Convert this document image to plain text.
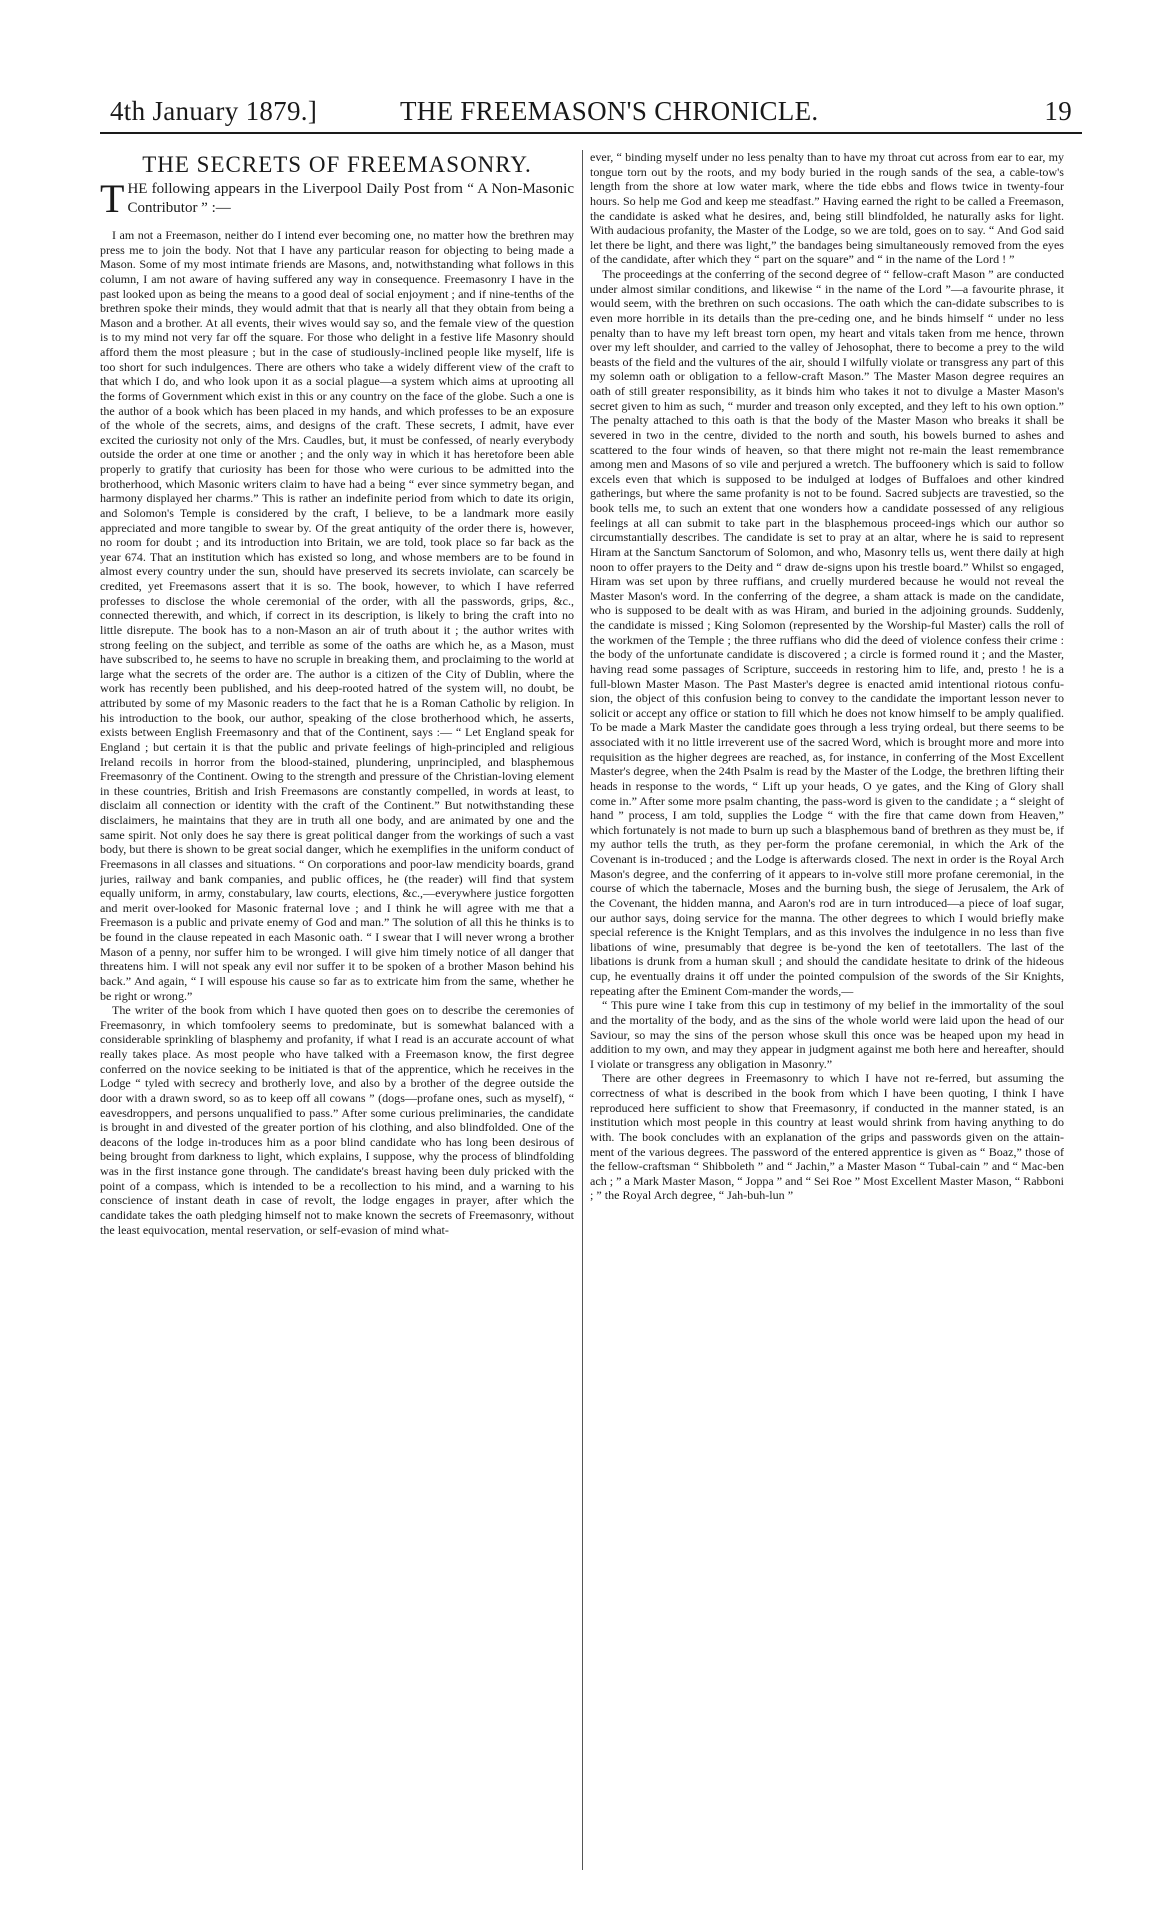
4th January 1879.]	THE FREEMASON'S CHRONICLE.	19

THE SECRETS OF FREEMASONRY.

THE following appears in the Liverpool Daily Post from “ A Non-Masonic Contributor ” :—

I am not a Freemason, neither do I intend ever becoming one, no matter how the brethren may press me to join the body. Not that I have any particular reason for objecting to being made a Mason. Some of my most intimate friends are Masons, and, notwithstanding what follows in this column, I am not aware of having suffered any way in consequence. Freemasonry I have in the past looked upon as being the means to a good deal of social enjoyment ; and if nine-tenths of the brethren spoke their minds, they would admit that that is nearly all that they obtain from being a Mason and a brother. At all events, their wives would say so, and the female view of the question is to my mind not very far off the square. For those who delight in a festive life Masonry should afford them the most pleasure ; but in the case of studiously-inclined people like myself, life is too short for such indulgences. There are others who take a widely different view of the craft to that which I do, and who look upon it as a social plague—a system which aims at uprooting all the forms of Government which exist in this or any country on the face of the globe. Such a one is the author of a book which has been placed in my hands, and which professes to be an exposure of the whole of the secrets, aims, and designs of the craft. These secrets, I admit, have ever excited the curiosity not only of the Mrs. Caudles, but, it must be confessed, of nearly everybody outside the order at one time or another ; and the only way in which it has heretofore been able properly to gratify that curiosity has been for those who were curious to be admitted into the brotherhood, which Masonic writers claim to have had a being “ ever since symmetry began, and harmony displayed her charms.” This is rather an indefinite period from which to date its origin, and Solomon's Temple is considered by the craft, I believe, to be a landmark more easily appreciated and more tangible to swear by. Of the great antiquity of the order there is, however, no room for doubt ; and its introduction into Britain, we are told, took place so far back as the year 674. That an institution which has existed so long, and whose members are to be found in almost every country under the sun, should have preserved its secrets inviolate, can scarcely be credited, yet Freemasons assert that it is so. The book, however, to which I have referred professes to disclose the whole ceremonial of the order, with all the passwords, grips, &c., connected therewith, and which, if correct in its description, is likely to bring the craft into no little disrepute. The book has to a non-Mason an air of truth about it ; the author writes with strong feeling on the subject, and terrible as some of the oaths are which he, as a Mason, must have subscribed to, he seems to have no scruple in breaking them, and proclaiming to the world at large what the secrets of the order are. The author is a citizen of the City of Dublin, where the work has recently been published, and his deep-rooted hatred of the system will, no doubt, be attributed by some of my Masonic readers to the fact that he is a Roman Catholic by religion. In his introduction to the book, our author, speaking of the close brotherhood which, he asserts, exists between English Freemasonry and that of the Continent, says :— “ Let England speak for England ; but certain it is that the public and private feelings of high-principled and religious Ireland recoils in horror from the blood-stained, plundering, unprincipled, and blasphemous Freemasonry of the Continent. Owing to the strength and pressure of the Christian-loving element in these countries, British and Irish Freemasons are constantly compelled, in words at least, to disclaim all connection or identity with the craft of the Continent.” But notwithstanding these disclaimers, he maintains that they are in truth all one body, and are animated by one and the same spirit. Not only does he say there is great political danger from the workings of such a vast body, but there is shown to be great social danger, which he exemplifies in the uniform conduct of Freemasons in all classes and situations. “ On corporations and poor-law mendicity boards, grand juries, railway and bank companies, and public offices, he (the reader) will find that system equally uniform, in army, constabulary, law courts, elections, &c.,—everywhere justice forgotten and merit over-looked for Masonic fraternal love ; and I think he will agree with me that a Freemason is a public and private enemy of God and man.” The solution of all this he thinks is to be found in the clause repeated in each Masonic oath. “ I swear that I will never wrong a brother Mason of a penny, nor suffer him to be wronged. I will give him timely notice of all danger that threatens him. I will not speak any evil nor suffer it to be spoken of a brother Mason behind his back.” And again, “ I will espouse his cause so far as to extricate him from the same, whether he be right or wrong.”

The writer of the book from which I have quoted then goes on to describe the ceremonies of Freemasonry, in which tomfoolery seems to predominate, but is somewhat balanced with a considerable sprinkling of blasphemy and profanity, if what I read is an accurate account of what really takes place. As most people who have talked with a Freemason know, the first degree conferred on the novice seeking to be initiated is that of the apprentice, which he receives in the Lodge “ tyled with secrecy and brotherly love, and also by a brother of the degree outside the door with a drawn sword, so as to keep off all cowans ” (dogs—profane ones, such as myself), “ eavesdroppers, and persons unqualified to pass.” After some curious preliminaries, the candidate is brought in and divested of the greater portion of his clothing, and also blindfolded. One of the deacons of the lodge in-troduces him as a poor blind candidate who has long been desirous of being brought from darkness to light, which explains, I suppose, why the process of blindfolding was in the first instance gone through. The candidate's breast having been duly pricked with the point of a compass, which is intended to be a recollection to his mind, and a warning to his conscience of instant death in case of revolt, the lodge engages in prayer, after which the candidate takes the oath pledging himself not to make known the secrets of Freemasonry, without the least equivocation, mental reservation, or self-evasion of mind what-

ever, “ binding myself under no less penalty than to have my throat cut across from ear to ear, my tongue torn out by the roots, and my body buried in the rough sands of the sea, a cable-tow's length from the shore at low water mark, where the tide ebbs and flows twice in twenty-four hours. So help me God and keep me steadfast.” Having earned the right to be called a Freemason, the candidate is asked what he desires, and, being still blindfolded, he naturally asks for light. With audacious profanity, the Master of the Lodge, so we are told, goes on to say. “ And God said let there be light, and there was light,” the bandages being simultaneously removed from the eyes of the candidate, after which they “ part on the square” and “ in the name of the Lord ! ”

The proceedings at the conferring of the second degree of “ fellow-craft Mason ” are conducted under almost similar conditions, and likewise “ in the name of the Lord ”—a favourite phrase, it would seem, with the brethren on such occasions. The oath which the can-didate subscribes to is even more horrible in its details than the pre-ceding one, and he binds himself “ under no less penalty than to have my left breast torn open, my heart and vitals taken from me hence, thrown over my left shoulder, and carried to the valley of Jehosophat, there to become a prey to the wild beasts of the field and the vultures of the air, should I wilfully violate or transgress any part of this my solemn oath or obligation to a fellow-craft Mason.” The Master Mason degree requires an oath of still greater responsibility, as it binds him who takes it not to divulge a Master Mason's secret given to him as such, “ murder and treason only excepted, and they left to his own option.” The penalty attached to this oath is that the body of the Master Mason who breaks it shall be severed in two in the centre, divided to the north and south, his bowels burned to ashes and scattered to the four winds of heaven, so that there might not re-main the least remembrance among men and Masons of so vile and perjured a wretch. The buffoonery which is said to follow excels even that which is supposed to be indulged at lodges of Buffaloes and other kindred gatherings, but where the same profanity is not to be found. Sacred subjects are travestied, so the book tells me, to such an extent that one wonders how a candidate possessed of any religious feelings at all can submit to take part in the blasphemous proceed-ings which our author so circumstantially describes. The candidate is set to pray at an altar, where he is said to represent Hiram at the Sanctum Sanctorum of Solomon, and who, Masonry tells us, went there daily at high noon to offer prayers to the Deity and “ draw de-signs upon his trestle board.” Whilst so engaged, Hiram was set upon by three ruffians, and cruelly murdered because he would not reveal the Master Mason's word. In the conferring of the degree, a sham attack is made on the candidate, who is supposed to be dealt with as was Hiram, and buried in the adjoining grounds. Suddenly, the candidate is missed ; King Solomon (represented by the Worship-ful Master) calls the roll of the workmen of the Temple ; the three ruffians who did the deed of violence confess their crime : the body of the unfortunate candidate is discovered ; a circle is formed round it ; and the Master, having read some passages of Scripture, succeeds in restoring him to life, and, presto ! he is a full-blown Master Mason. The Past Master's degree is enacted amid intentional riotous confu-sion, the object of this confusion being to convey to the candidate the important lesson never to solicit or accept any office or station to fill which he does not know himself to be amply qualified. To be made a Mark Master the candidate goes through a less trying ordeal, but there seems to be associated with it no little irreverent use of the sacred Word, which is brought more and more into requisition as the higher degrees are reached, as, for instance, in conferring of the Most Excellent Master's degree, when the 24th Psalm is read by the Master of the Lodge, the brethren lifting their heads in response to the words, “ Lift up your heads, O ye gates, and the King of Glory shall come in.” After some more psalm chanting, the pass-word is given to the candidate ; a “ sleight of hand ” process, I am told, supplies the Lodge “ with the fire that came down from Heaven,” which fortunately is not made to burn up such a blasphemous band of brethren as they must be, if my author tells the truth, as they per-form the profane ceremonial, in which the Ark of the Covenant is in-troduced ; and the Lodge is afterwards closed. The next in order is the Royal Arch Mason's degree, and the conferring of it appears to in-volve still more profane ceremonial, in the course of which the tabernacle, Moses and the burning bush, the siege of Jerusalem, the Ark of the Covenant, the hidden manna, and Aaron's rod are in turn introduced—a piece of loaf sugar, our author says, doing service for the manna. The other degrees to which I would briefly make special reference is the Knight Templars, and as this involves the indulgence in no less than five libations of wine, presumably that degree is be-yond the ken of teetotallers. The last of the libations is drunk from a human skull ; and should the candidate hesitate to drink of the hideous cup, he eventually drains it off under the pointed compulsion of the swords of the Sir Knights, repeating after the Eminent Com-mander the words,—

“ This pure wine I take from this cup in testimony of my belief in the immortality of the soul and the mortality of the body, and as the sins of the whole world were laid upon the head of our Saviour, so may the sins of the person whose skull this once was be heaped upon my head in addition to my own, and may they appear in judgment against me both here and hereafter, should I violate or transgress any obligation in Masonry.”

There are other degrees in Freemasonry to which I have not re-ferred, but assuming the correctness of what is described in the book from which I have been quoting, I think I have reproduced here sufficient to show that Freemasonry, if conducted in the manner stated, is an institution which most people in this country at least would shrink from having anything to do with. The book concludes with an explanation of the grips and passwords given on the attain-ment of the various degrees. The password of the entered apprentice is given as “ Boaz,” those of the fellow-craftsman “ Shibboleth ” and “ Jachin,” a Master Mason “ Tubal-cain ” and “ Mac-ben ach ; ” a Mark Master Mason, “ Joppa ” and “ Sei Roe ” Most Excellent Master Mason, “ Rabboni ; ” the Royal Arch degree, “ Jah-buh-lun ”
